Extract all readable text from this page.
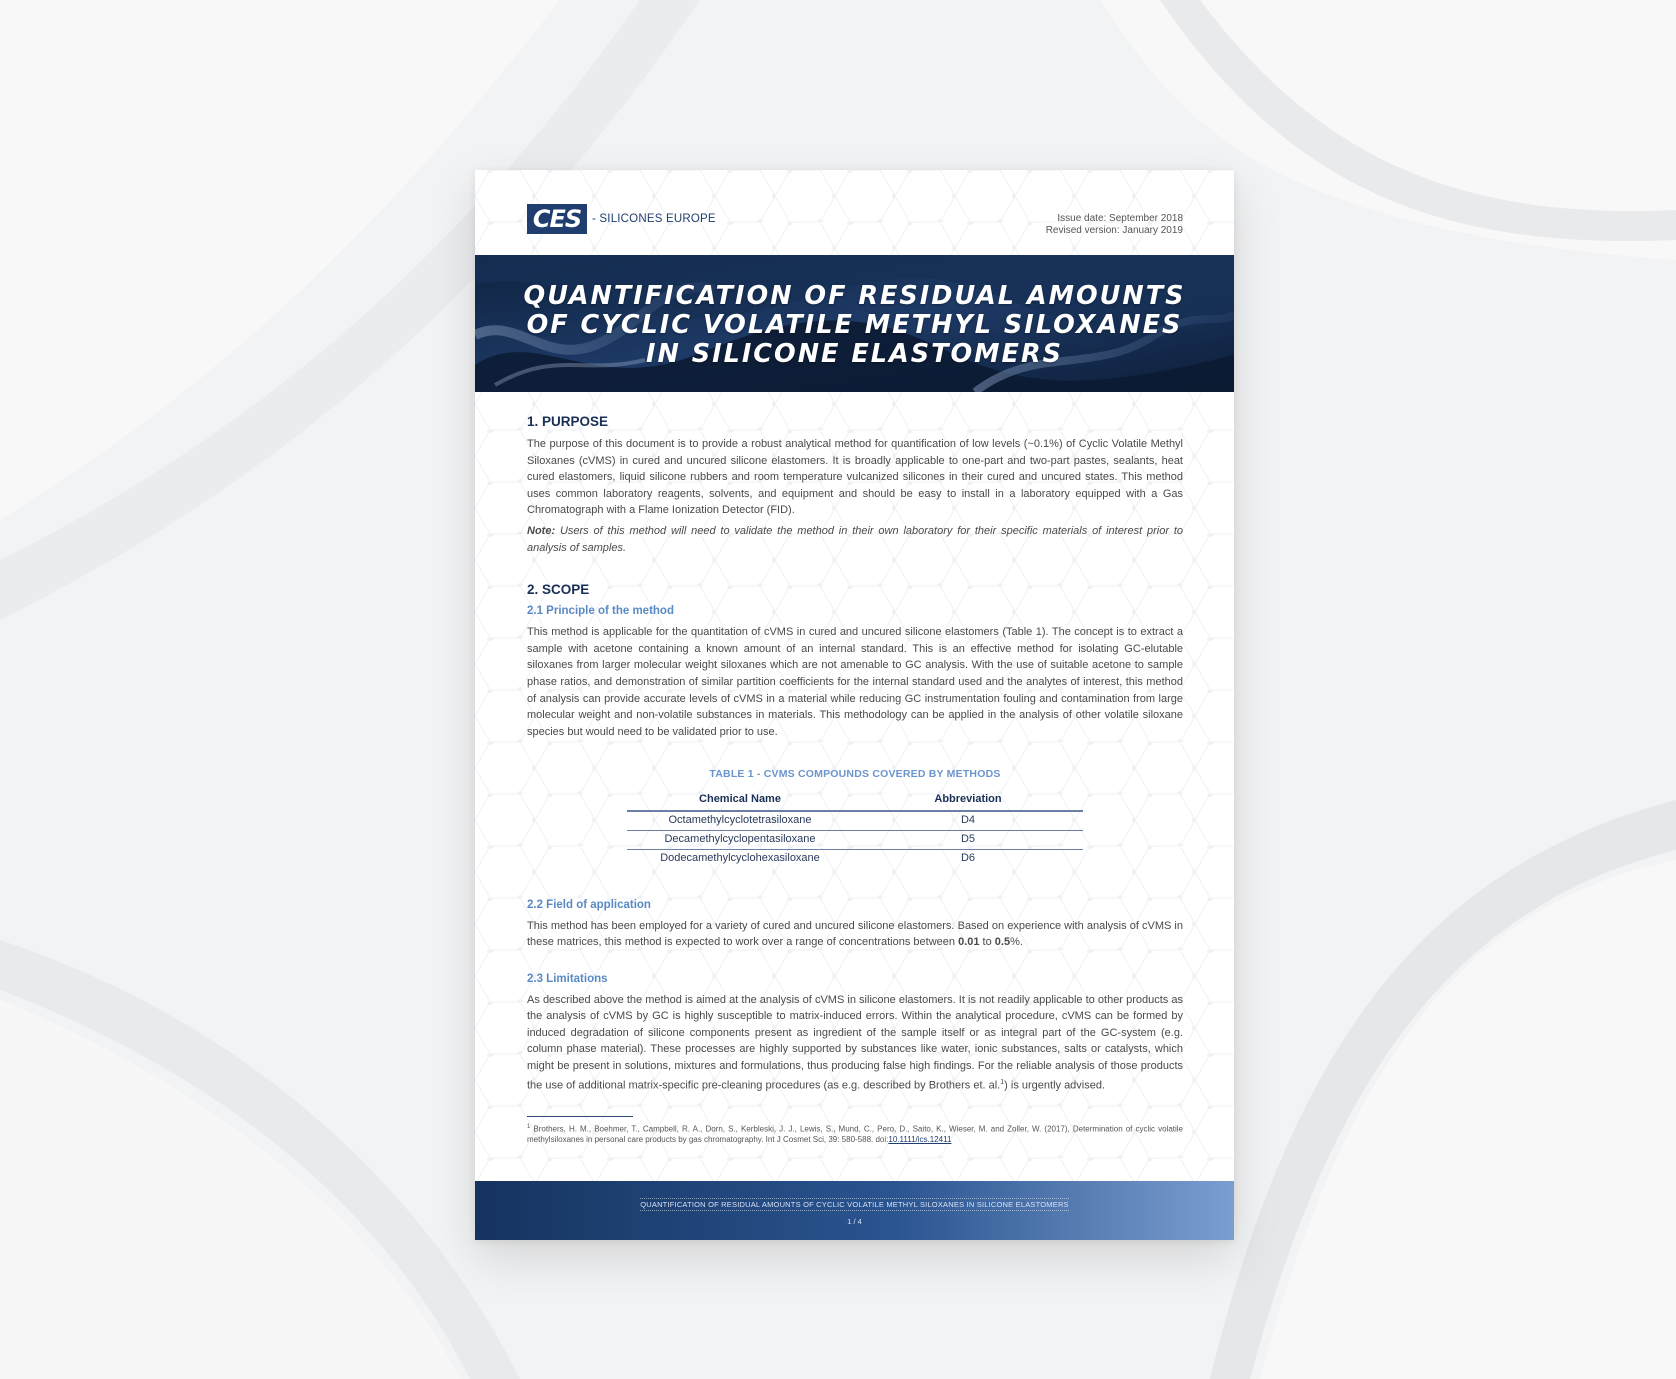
CES - SILICONES EUROPE	Issue date: September 2018
Revised version: January 2019
QUANTIFICATION OF RESIDUAL AMOUNTS
OF CYCLIC VOLATILE METHYL SILOXANES
IN SILICONE ELASTOMERS
1. PURPOSE

The purpose of this document is to provide a robust analytical method for quantification of low levels (~0.1%) of Cyclic Volatile Methyl Siloxanes (cVMS) in cured and uncured silicone elastomers. It is broadly applicable to one-part and two-part pastes, sealants, heat cured elastomers, liquid silicone rubbers and room temperature vulcanized silicones in their cured and uncured states. This method uses common laboratory reagents, solvents, and equipment and should be easy to install in a laboratory equipped with a Gas Chromatograph with a Flame Ionization Detector (FID).

Note: Users of this method will need to validate the method in their own laboratory for their specific materials of interest prior to analysis of samples.

2. SCOPE
2.1 Principle of the method

This method is applicable for the quantitation of cVMS in cured and uncured silicone elastomers (Table 1). The concept is to extract a sample with acetone containing a known amount of an internal standard. This is an effective method for isolating GC-elutable siloxanes from larger molecular weight siloxanes which are not amenable to GC analysis. With the use of suitable acetone to sample phase ratios, and demonstration of similar partition coefficients for the internal standard used and the analytes of interest, this method of analysis can provide accurate levels of cVMS in a material while reducing GC instrumentation fouling and contamination from large molecular weight and non-volatile substances in materials. This methodology can be applied in the analysis of other volatile siloxane species but would need to be validated prior to use.

TABLE 1 - CVMS COMPOUNDS COVERED BY METHODS
Chemical Name	Abbreviation
Octamethylcyclotetrasiloxane	D4
Decamethylcyclopentasiloxane	D5
Dodecamethylcyclohexasiloxane	D6
2.2 Field of application

This method has been employed for a variety of cured and uncured silicone elastomers. Based on experience with analysis of cVMS in these matrices, this method is expected to work over a range of concentrations between 0.01 to 0.5%.

2.3 Limitations

As described above the method is aimed at the analysis of cVMS in silicone elastomers. It is not readily applicable to other products as the analysis of cVMS by GC is highly susceptible to matrix-induced errors. Within the analytical procedure, cVMS can be formed by induced degradation of silicone components present as ingredient of the sample itself or as integral part of the GC-system (e.g. column phase material). These processes are highly supported by substances like water, ionic substances, salts or catalysts, which might be present in solutions, mixtures and formulations, thus producing false high findings. For the reliable analysis of those products the use of additional matrix-specific pre-cleaning procedures (as e.g. described by Brothers et. al.$^1$) is urgently advised.

$^1$ Brothers, H. M., Boehmer, T., Campbell, R. A., Dorn, S., Kerbleski, J. J., Lewis, S., Mund, C., Pero, D., Saito, K., Wieser, M. and Zoller, W. (2017), Determination of cyclic volatile methylsiloxanes in personal care products by gas chromatography. Int J Cosmet Sci, 39: 580-588. doi:10.1111/ics.12411
QUANTIFICATION OF RESIDUAL AMOUNTS OF CYCLIC VOLATILE METHYL SILOXANES IN SILICONE ELASTOMERS
1 / 4
